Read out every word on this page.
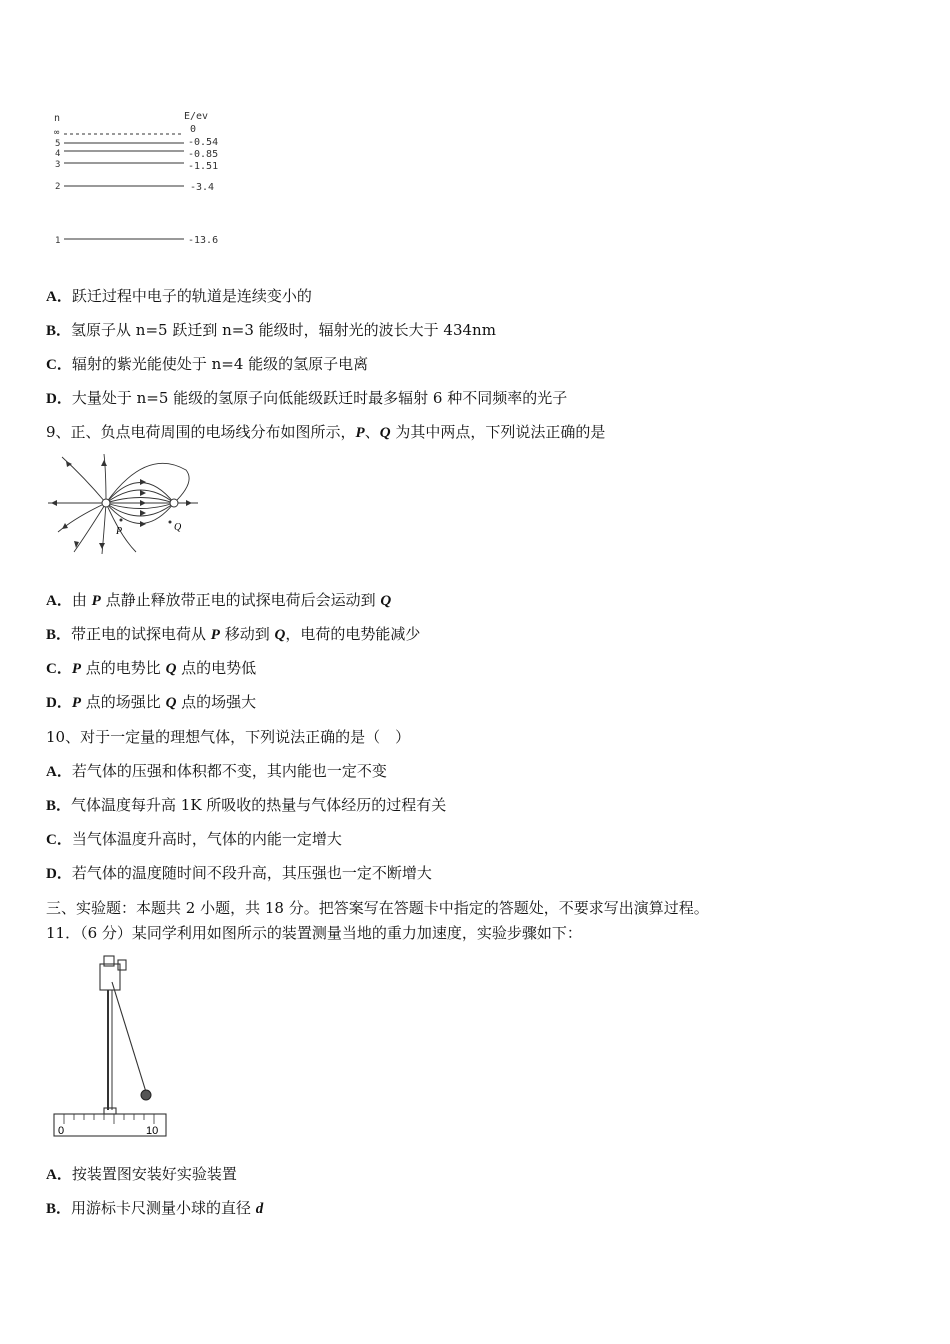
n	E/ev
∞	0
5	-0.54
4	-0.85
3	-1.51
2	-3.4
1	-13.6
A．跃迁过程中电子的轨道是连续变小的
B．氢原子从 n=5 跃迁到 n=3 能级时，辐射光的波长大于 434nm
C．辐射的紫光能使处于 n=4 能级的氢原子电离
D．大量处于 n=5 能级的氢原子向低能级跃迁时最多辐射 6 种不同频率的光子
9、正、负点电荷周围的电场线分布如图所示，P、Q 为其中两点，下列说法正确的是
P	Q
A．由 P 点静止释放带正电的试探电荷后会运动到 Q
B．带正电的试探电荷从 P 移动到 Q，电荷的电势能减少
C．P 点的电势比 Q 点的电势低
D．P 点的场强比 Q 点的场强大
10、对于一定量的理想气体，下列说法正确的是（　）
A．若气体的压强和体积都不变，其内能也一定不变
B．气体温度每升高 1K 所吸收的热量与气体经历的过程有关
C．当气体温度升高时，气体的内能一定增大
D．若气体的温度随时间不段升高，其压强也一定不断增大
三、实验题：本题共 2 小题，共 18 分。把答案写在答题卡中指定的答题处，不要求写出演算过程。
11．（6 分）某同学利用如图所示的装置测量当地的重力加速度，实验步骤如下：
0	10
A．按装置图安装好实验装置
B．用游标卡尺测量小球的直径 d
